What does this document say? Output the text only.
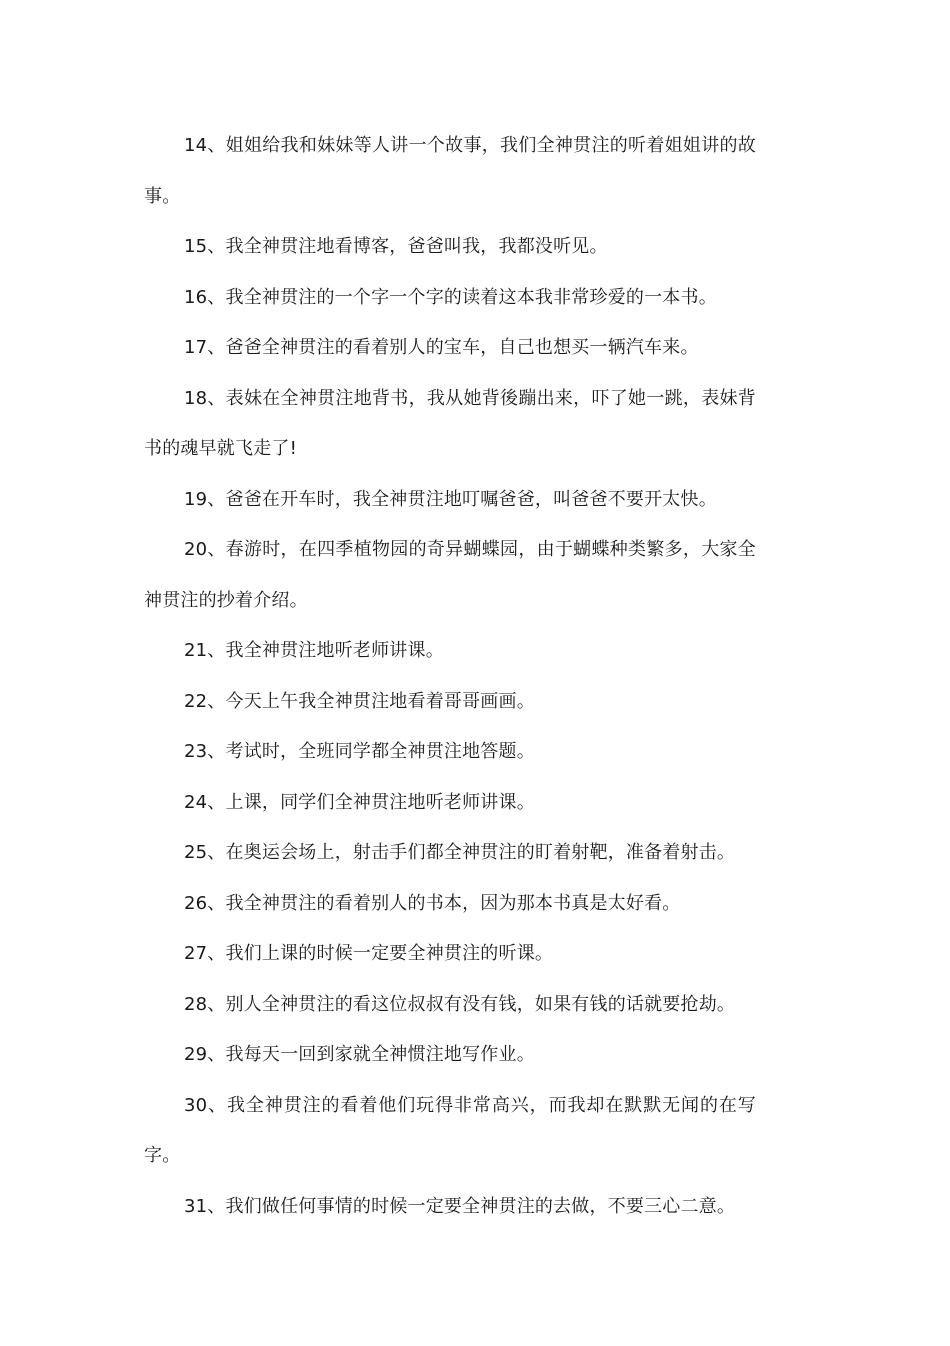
14、姐姐给我和妹妹等人讲一个故事，我们全神贯注的听着姐姐讲的故事。

15、我全神贯注地看博客，爸爸叫我，我都没听见。

16、我全神贯注的一个字一个字的读着这本我非常珍爱的一本书。

17、爸爸全神贯注的看着别人的宝车，自己也想买一辆汽车来。

18、表妹在全神贯注地背书，我从她背後蹦出来，吓了她一跳，表妹背书的魂早就飞走了!

19、爸爸在开车时，我全神贯注地叮嘱爸爸，叫爸爸不要开太快。

20、春游时，在四季植物园的奇异蝴蝶园，由于蝴蝶种类繁多，大家全神贯注的抄着介绍。

21、我全神贯注地听老师讲课。

22、今天上午我全神贯注地看着哥哥画画。

23、考试时，全班同学都全神贯注地答题。

24、上课，同学们全神贯注地听老师讲课。

25、在奥运会场上，射击手们都全神贯注的盯着射靶，准备着射击。

26、我全神贯注的看着别人的书本，因为那本书真是太好看。

27、我们上课的时候一定要全神贯注的听课。

28、别人全神贯注的看这位叔叔有没有钱，如果有钱的话就要抢劫。

29、我每天一回到家就全神惯注地写作业。

30、我全神贯注的看着他们玩得非常高兴，而我却在默默无闻的在写字。

31、我们做任何事情的时候一定要全神贯注的去做，不要三心二意。
